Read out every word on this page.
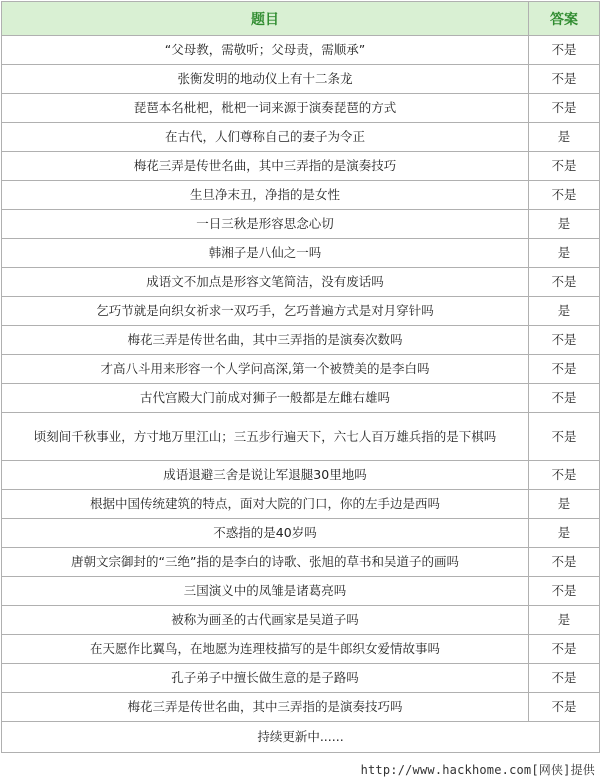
题目	答案
“父母教，需敬听；父母责，需顺承”	不是
张衡发明的地动仪上有十二条龙	不是
琵琶本名枇杷，枇杷一词来源于演奏琵琶的方式	不是
在古代，人们尊称自己的妻子为令正	是
梅花三弄是传世名曲，其中三弄指的是演奏技巧	不是
生旦净末丑，净指的是女性	不是
一日三秋是形容思念心切	是
韩湘子是八仙之一吗	是
成语文不加点是形容文笔简洁，没有废话吗	不是
乞巧节就是向织女祈求一双巧手，乞巧普遍方式是对月穿针吗	是
梅花三弄是传世名曲，其中三弄指的是演奏次数吗	不是
才高八斗用来形容一个人学问高深,第一个被赞美的是李白吗	不是
古代宫殿大门前成对狮子一般都是左雌右雄吗	不是
顷刻间千秋事业，方寸地万里江山；三五步行遍天下，六七人百万雄兵指的是下棋吗	不是
成语退避三舍是说让军退腿30里地吗	不是
根据中国传统建筑的特点，面对大院的门口，你的左手边是西吗	是
不惑指的是40岁吗	是
唐朝文宗御封的“三绝”指的是李白的诗歌、张旭的草书和吴道子的画吗	不是
三国演义中的凤雏是诸葛亮吗	不是
被称为画圣的古代画家是吴道子吗	是
在天愿作比翼鸟，在地愿为连理枝描写的是牛郎织女爱情故事吗	不是
孔子弟子中擅长做生意的是子路吗	不是
梅花三弄是传世名曲，其中三弄指的是演奏技巧吗	不是
持续更新中......	
http://www.hackhome.com[网侠]提供
